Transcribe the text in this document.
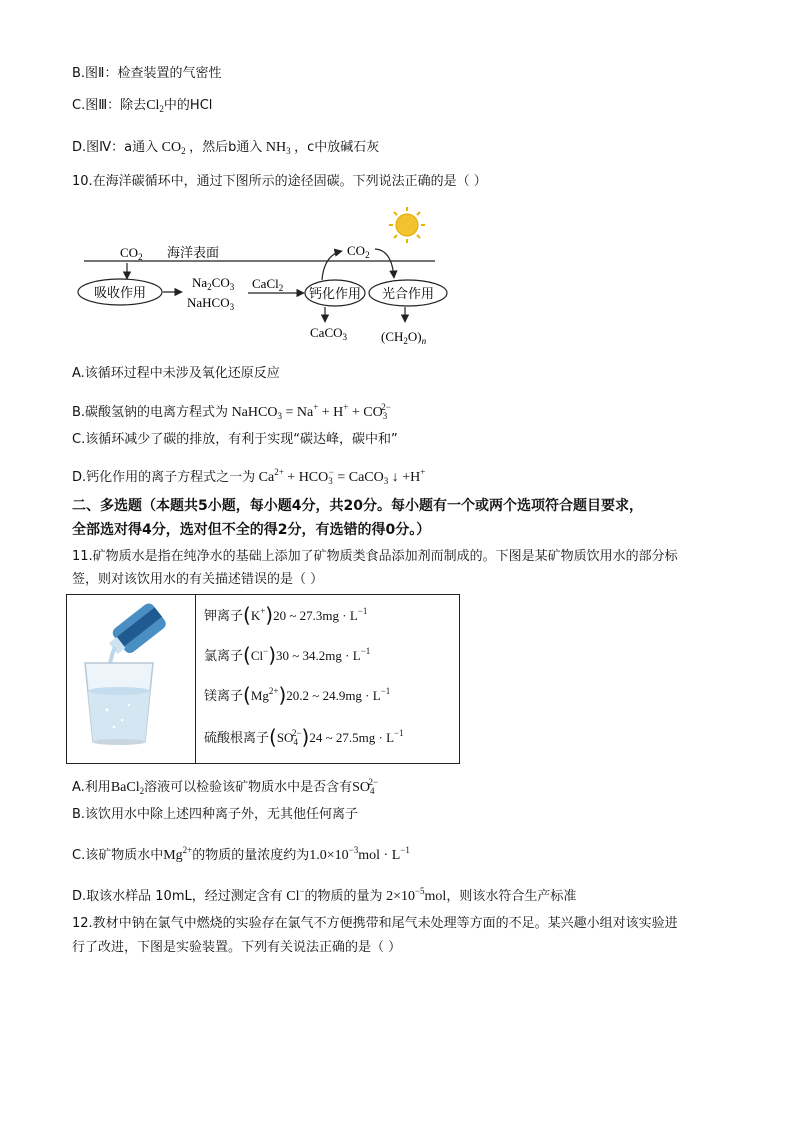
B.图Ⅱ：检查装置的气密性
C.图Ⅲ：除去$Cl_2$中的HCl
D.图Ⅳ：a通入 $CO_2$ ，然后b通入 $NH_3$ ，c中放碱石灰
10.在海洋碳循环中，通过下图所示的途径固碳。下列说法正确的是（ ）
海洋表面
$CO_2$
吸收作用
$Na_2CO_3$
NaHCO$_3$
CaCl$_2$ 钙化作用 光合作用
$CO_2$
CaCO$_3$	$(CH_2O)_n$
A.该循环过程中未涉及氧化还原反应
B.碳酸氢钠的电离方程式为 NaHCO$_3$ = $Na^+ + H^+ + CO_3^{2-}$
C.该循环减少了碳的排放，有利于实现“碳达峰，碳中和”
D.钙化作用的离子方程式之一为 $Ca^{2+} + HCO_3^-$ = CaCO$_3$ ↓ +H+
二、多选题（本题共5小题，每小题4分，共20分。每小题有一个或两个选项符合题目要求，
全部选对得4分，选对但不全的得2分，有选错的得0分。）
11.矿物质水是指在纯净水的基础上添加了矿物质类食品添加剂而制成的。下图是某矿物质饮用水的部分标
签，则对该饮用水的有关描述错误的是（ ）

钾离子(K+)20 ~ $27.3mg \cdot L^{-1}$
氯离子(Cl−)30 ~ $34.2mg \cdot L^{-1}$
镁离子$(Mg^{2+})20.2$ ~ $24.9mg \cdot L^{-1}$
硫酸根离子$(SO_4^{2-})24$ ~ $27.5mg \cdot L^{-1}$
A.利用BaCl$_2$溶液可以检验该矿物质水中是否含有$SO_4^{2-}$
B.该饮用水中除上述四种离子外，无其他任何离子
C.该矿物质水中$Mg^{2+}$的物质的量浓度约为$1.0\times 10^{-3}mol \cdot L^{-1}$
D.取该水样品 10mL，经过测定含有 Cl−的物质的量为 $2\times 10^{-5}mol$，则该水符合生产标准
12.教材中钠在氯气中燃烧的实验存在氯气不方便携带和尾气未处理等方面的不足。某兴趣小组对该实验进
行了改进，下图是实验装置。下列有关说法正确的是（ ）
